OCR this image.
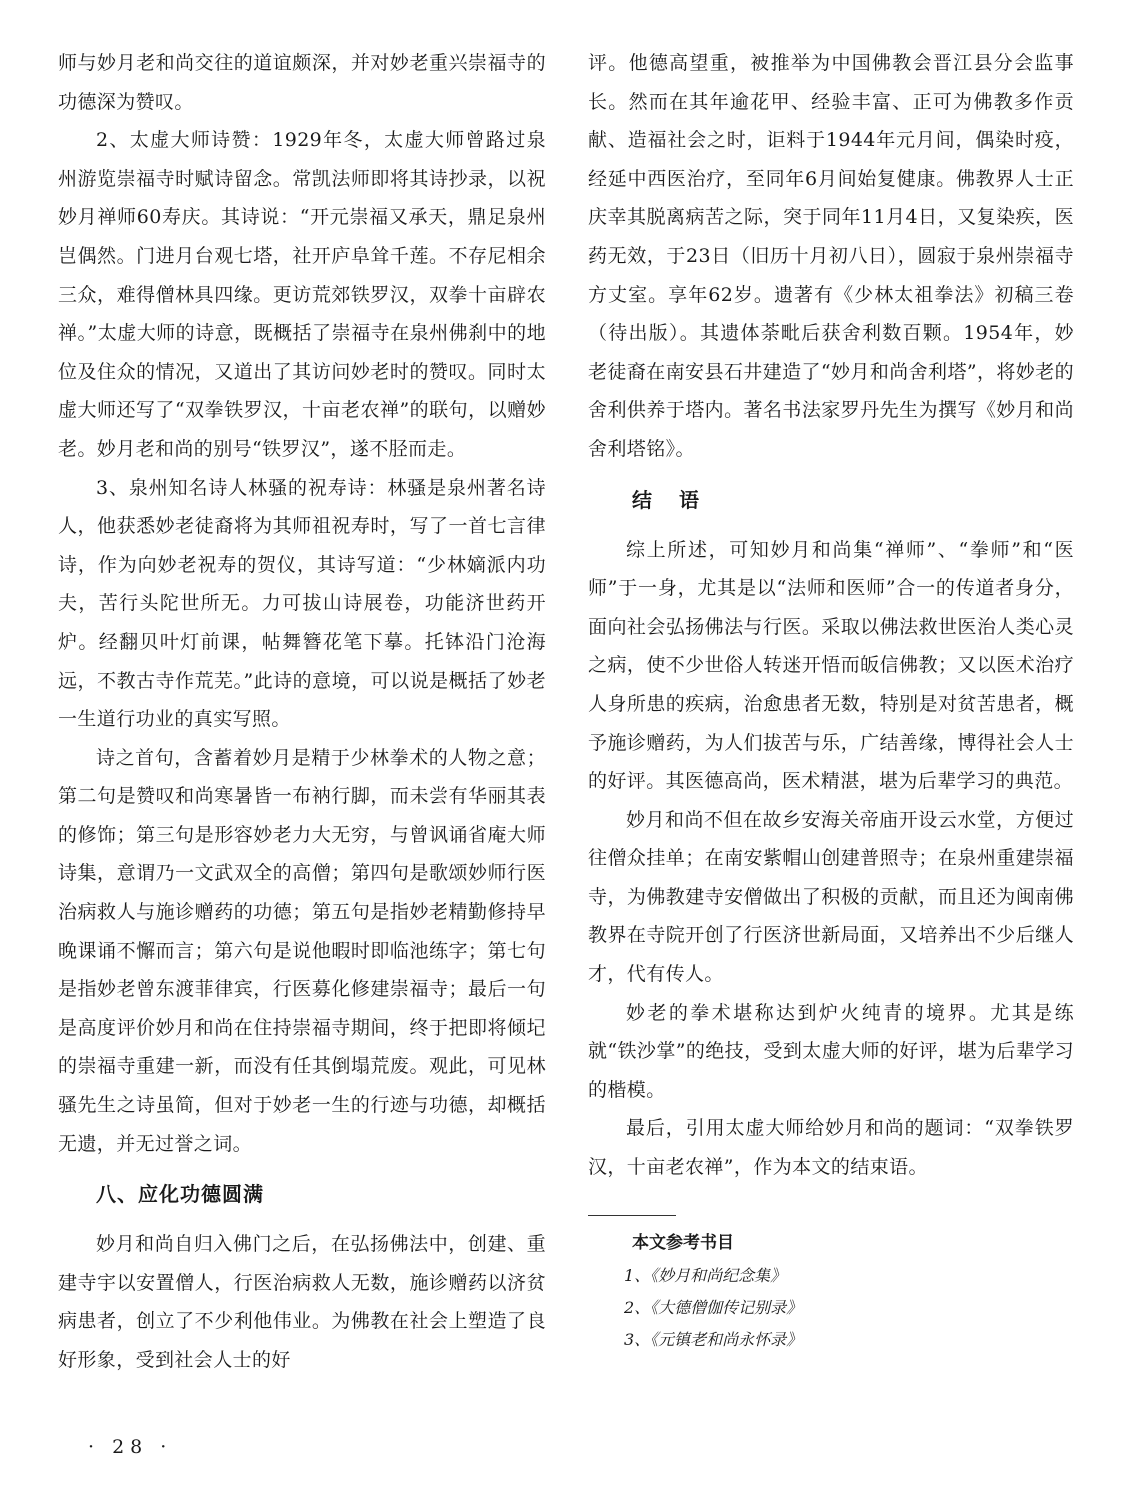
师与妙月老和尚交往的道谊颇深，并对妙老重兴崇福寺的功德深为赞叹。

2、太虚大师诗赞：1929年冬，太虚大师曾路过泉州游览崇福寺时赋诗留念。常凯法师即将其诗抄录，以祝妙月禅师60寿庆。其诗说：“开元崇福又承天，鼎足泉州岂偶然。门进月台观七塔，社开庐阜耸千莲。不存尼相余三众，难得僧林具四缘。更访荒郊铁罗汉，双拳十亩辟农禅。”太虚大师的诗意，既概括了崇福寺在泉州佛刹中的地位及住众的情况，又道出了其访问妙老时的赞叹。同时太虚大师还写了“双拳铁罗汉，十亩老农禅”的联句，以赠妙老。妙月老和尚的别号“铁罗汉”，遂不胫而走。

3、泉州知名诗人林骚的祝寿诗：林骚是泉州著名诗人，他获悉妙老徒裔将为其师祖祝寿时，写了一首七言律诗，作为向妙老祝寿的贺仪，其诗写道：“少林嫡派内功夫，苦行头陀世所无。力可拔山诗展卷，功能济世药开炉。经翻贝叶灯前课，帖舞簪花笔下摹。托钵沿门沧海远，不教古寺作荒芜。”此诗的意境，可以说是概括了妙老一生道行功业的真实写照。

诗之首句，含蓄着妙月是精于少林拳术的人物之意；第二句是赞叹和尚寒暑皆一布衲行脚，而未尝有华丽其表的修饰；第三句是形容妙老力大无穷，与曾讽诵省庵大师诗集，意谓乃一文武双全的高僧；第四句是歌颂妙师行医治病救人与施诊赠药的功德；第五句是指妙老精勤修持早晚课诵不懈而言；第六句是说他暇时即临池练字；第七句是指妙老曾东渡菲律宾，行医募化修建崇福寺；最后一句是高度评价妙月和尚在住持崇福寺期间，终于把即将倾圮的崇福寺重建一新，而没有任其倒塌荒废。观此，可见林骚先生之诗虽简，但对于妙老一生的行迹与功德，却概括无遗，并无过誉之词。

八、应化功德圆满

妙月和尚自归入佛门之后，在弘扬佛法中，创建、重建寺宇以安置僧人，行医治病救人无数，施诊赠药以济贫病患者，创立了不少利他伟业。为佛教在社会上塑造了良好形象，受到社会人士的好

评。他德高望重，被推举为中国佛教会晋江县分会监事长。然而在其年逾花甲、经验丰富、正可为佛教多作贡献、造福社会之时，讵料于1944年元月间，偶染时疫，经延中西医治疗，至同年6月间始复健康。佛教界人士正庆幸其脱离病苦之际，突于同年11月4日，又复染疾，医药无效，于23日（旧历十月初八日），圆寂于泉州崇福寺方丈室。享年62岁。遗著有《少林太祖拳法》初稿三卷（待出版）。其遗体荼毗后获舍利数百颗。1954年，妙老徒裔在南安县石井建造了“妙月和尚舍利塔”，将妙老的舍利供养于塔内。著名书法家罗丹先生为撰写《妙月和尚舍利塔铭》。

结 语

综上所述，可知妙月和尚集“禅师”、“拳师”和“医师”于一身，尤其是以“法师和医师”合一的传道者身分，面向社会弘扬佛法与行医。采取以佛法救世医治人类心灵之病，使不少世俗人转迷开悟而皈信佛教；又以医术治疗人身所患的疾病，治愈患者无数，特别是对贫苦患者，概予施诊赠药，为人们拔苦与乐，广结善缘，博得社会人士的好评。其医德高尚，医术精湛，堪为后辈学习的典范。

妙月和尚不但在故乡安海关帝庙开设云水堂，方便过往僧众挂单；在南安紫帽山创建普照寺；在泉州重建崇福寺，为佛教建寺安僧做出了积极的贡献，而且还为闽南佛教界在寺院开创了行医济世新局面，又培养出不少后继人才，代有传人。

妙老的拳术堪称达到炉火纯青的境界。尤其是练就“铁沙掌”的绝技，受到太虚大师的好评，堪为后辈学习的楷模。

最后，引用太虚大师给妙月和尚的题词：“双拳铁罗汉，十亩老农禅”，作为本文的结束语。

本文参考书目
1、《妙月和尚纪念集》
2、《大德僧伽传记别录》
3、《元镇老和尚永怀录》
· 28 ·
